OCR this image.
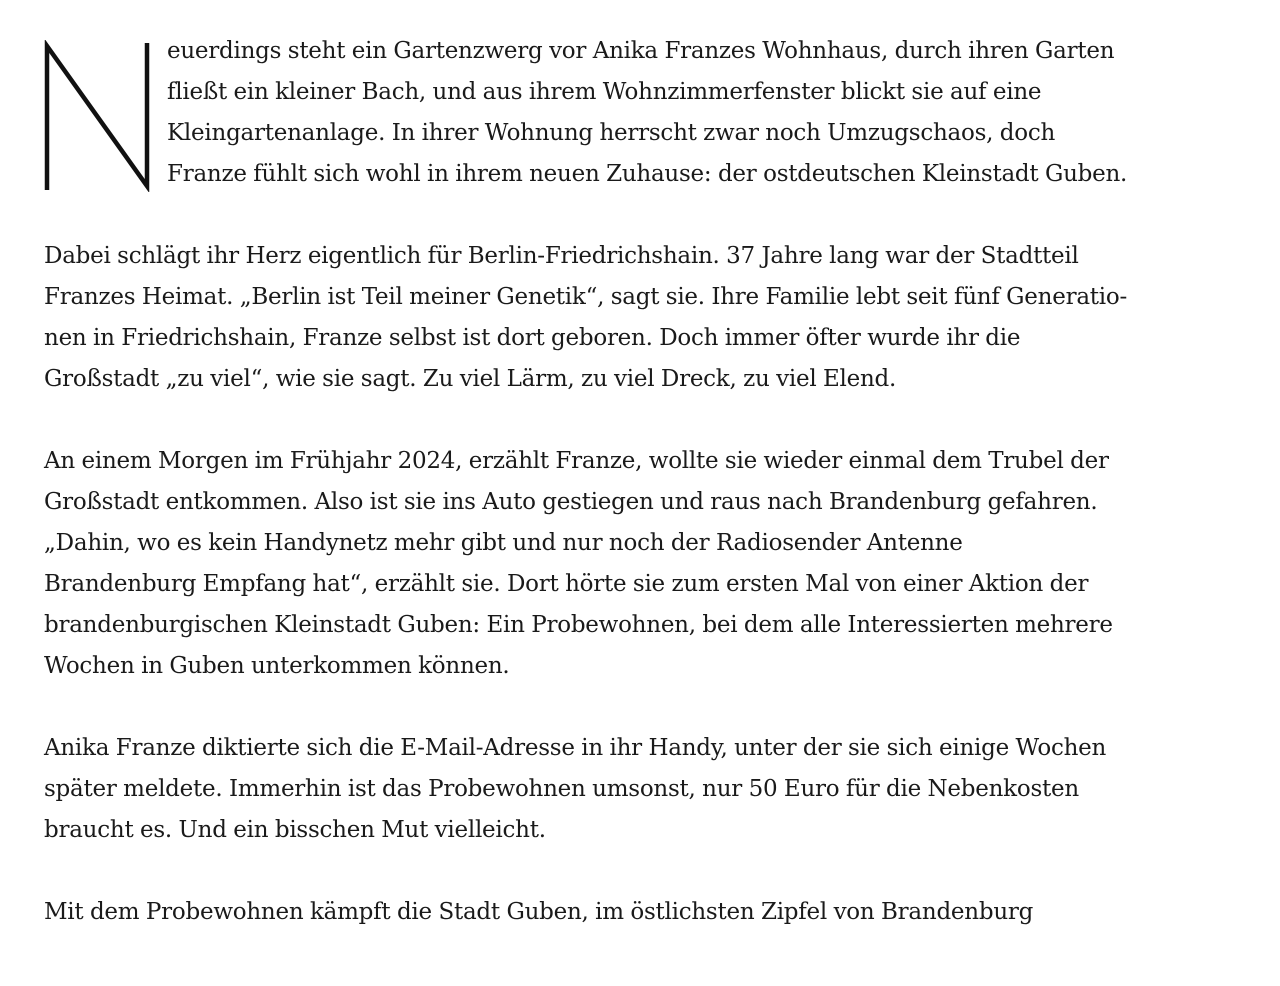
euerdings steht ein Gartenzwerg vor Anika Franzes Wohnhaus, durch ihren Garten
fließt ein kleiner Bach, und aus ihrem Wohnzimmerfenster blickt sie auf eine
Kleingartenanlage. In ihrer Wohnung herrscht zwar noch Umzugschaos, doch
Franze fühlt sich wohl in ihrem neuen Zuhause: der ostdeutschen Kleinstadt Guben.
Dabei schlägt ihr Herz eigentlich für Berlin-Friedrichshain. 37 Jahre lang war der Stadtteil
Franzes Heimat. „Berlin ist Teil meiner Genetik“, sagt sie. Ihre Familie lebt seit fünf Generatio-
nen in Friedrichshain, Franze selbst ist dort geboren. Doch immer öfter wurde ihr die
Großstadt „zu viel“, wie sie sagt. Zu viel Lärm, zu viel Dreck, zu viel Elend.
An einem Morgen im Frühjahr 2024, erzählt Franze, wollte sie wieder einmal dem Trubel der
Großstadt entkommen. Also ist sie ins Auto gestiegen und raus nach Brandenburg gefahren.
„Dahin, wo es kein Handynetz mehr gibt und nur noch der Radiosender Antenne
Brandenburg Empfang hat“, erzählt sie. Dort hörte sie zum ersten Mal von einer Aktion der
brandenburgischen Kleinstadt Guben: Ein Probewohnen, bei dem alle Interessierten mehrere
Wochen in Guben unterkommen können.
Anika Franze diktierte sich die E-Mail-Adresse in ihr Handy, unter der sie sich einige Wochen
später meldete. Immerhin ist das Probewohnen umsonst, nur 50 Euro für die Nebenkosten
braucht es. Und ein bisschen Mut vielleicht.
Mit dem Probewohnen kämpft die Stadt Guben, im östlichsten Zipfel von Brandenburg
